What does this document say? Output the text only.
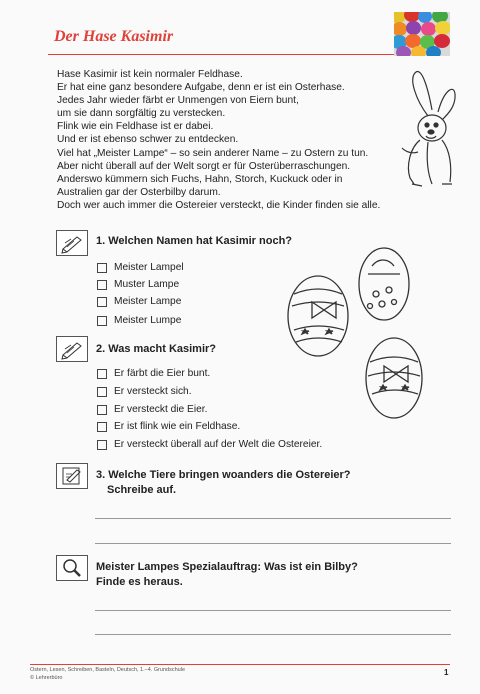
Der Hase Kasimir
Hase Kasimir ist kein normaler Feldhase.
Er hat eine ganz besondere Aufgabe, denn er ist ein Osterhase.
Jedes Jahr wieder färbt er Unmengen von Eiern bunt,
um sie dann sorgfältig zu verstecken.
Flink wie ein Feldhase ist er dabei.
Und er ist ebenso schwer zu entdecken.
Viel hat „Meister Lampe“ – so sein anderer Name – zu Ostern zu tun.
Aber nicht überall auf der Welt sorgt er für Osterüberraschungen.
Anderswo kümmern sich Fuchs, Hahn, Storch, Kuckuck oder in
Australien gar der Osterbilby darum.
Doch wer auch immer die Ostereier versteckt, die Kinder finden sie alle.
1. Welchen Namen hat Kasimir noch?
Meister Lampel
Muster Lampe
Meister Lampe
Meister Lumpe
2. Was macht Kasimir?
Er färbt die Eier bunt.
Er versteckt sich.
Er versteckt die Eier.
Er ist flink wie ein Feldhase.
Er versteckt überall auf der Welt die Ostereier.
3. Welche Tiere bringen woanders die Ostereier?
Schreibe auf.
Meister Lampes Spezialauftrag: Was ist ein Bilby?
Finde es heraus.
Ostern, Lesen, Schreiben, Basteln, Deutsch, 1.–4. Grundschule
© Lehrerbüro
1
